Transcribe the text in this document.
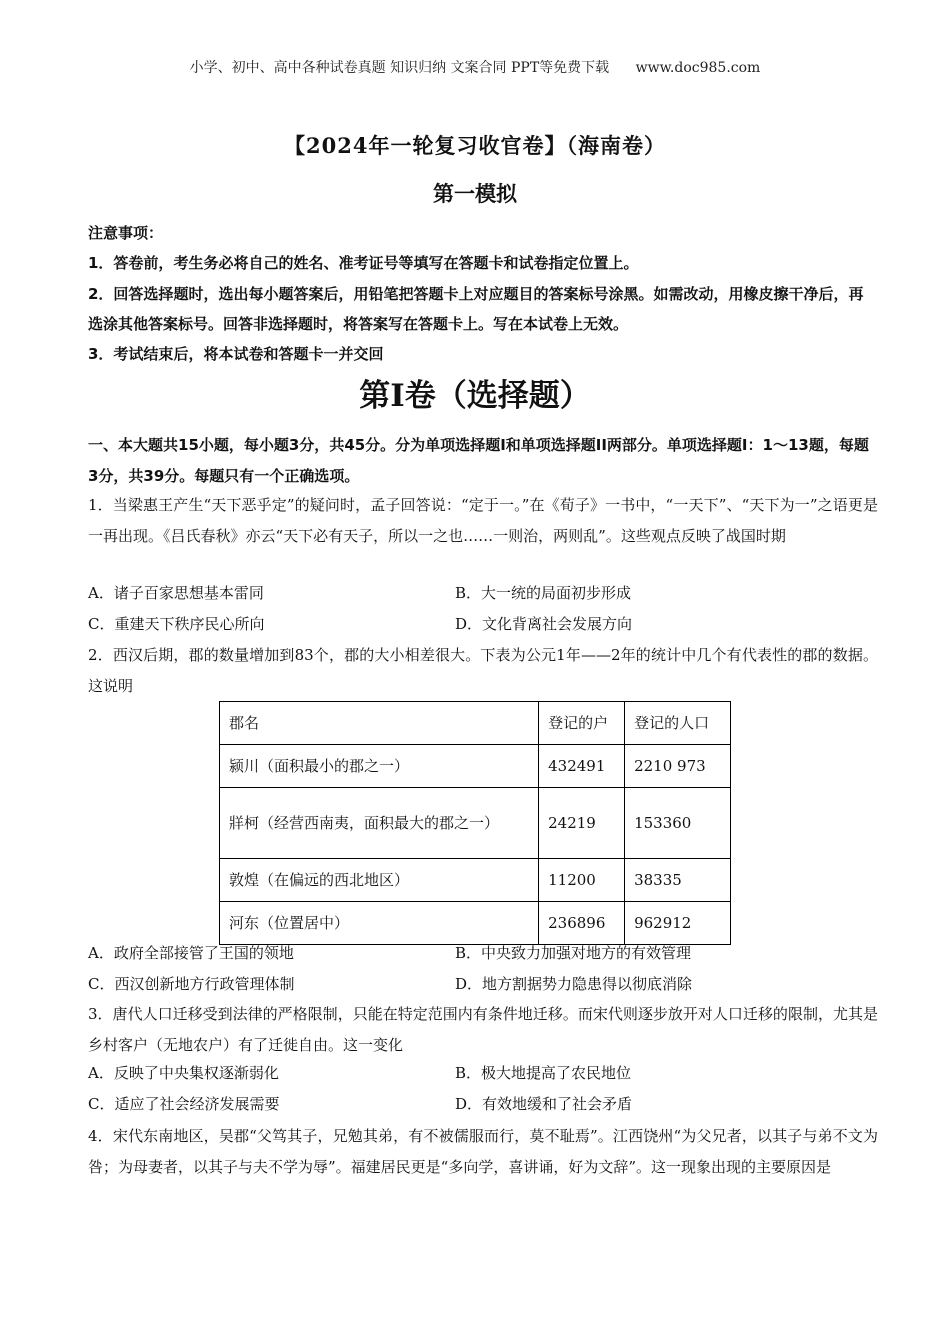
小学、初中、高中各种试卷真题 知识归纳 文案合同 PPT等免费下载 www.doc985.com
【2024年一轮复习收官卷】（海南卷）
第一模拟
注意事项：
1．答卷前，考生务必将自己的姓名、准考证号等填写在答题卡和试卷指定位置上。
2．回答选择题时，选出每小题答案后，用铅笔把答题卡上对应题目的答案标号涂黑。如需改动，用橡皮擦干净后，再选涂其他答案标号。回答非选择题时，将答案写在答题卡上。写在本试卷上无效。
3．考试结束后，将本试卷和答题卡一并交回
第I卷（选择题）
一、本大题共15小题，每小题3分，共45分。分为单项选择题I和单项选择题II两部分。单项选择题I：1～13题，每题3分，共39分。每题只有一个正确选项。
1．当梁惠王产生“天下恶乎定”的疑问时，孟子回答说：“定于一。”在《荀子》一书中，“一天下”、“天下为一”之语更是一再出现。《吕氏春秋》亦云“天下必有天子，所以一之也……一则治，两则乱”。这些观点反映了战国时期
A．诸子百家思想基本雷同	B．大一统的局面初步形成
C．重建天下秩序民心所向	D．文化背离社会发展方向
2．西汉后期，郡的数量增加到83个，郡的大小相差很大。下表为公元1年——2年的统计中几个有代表性的郡的数据。这说明
郡名	登记的户	登记的人口
颍川（面积最小的郡之一）	432491	2210 973
牂柯（经营西南夷，面积最大的郡之一）	24219	153360
敦煌（在偏远的西北地区）	11200	38335
河东（位置居中）	236896	962912
A．政府全部接管了王国的领地	B．中央致力加强对地方的有效管理
C．西汉创新地方行政管理体制	D．地方割据势力隐患得以彻底消除
3．唐代人口迁移受到法律的严格限制，只能在特定范围内有条件地迁移。而宋代则逐步放开对人口迁移的限制，尤其是乡村客户（无地农户）有了迁徙自由。这一变化
A．反映了中央集权逐渐弱化	B．极大地提高了农民地位
C．适应了社会经济发展需要	D．有效地缓和了社会矛盾
4．宋代东南地区，吴郡“父笃其子，兄勉其弟，有不被儒服而行，莫不耻焉”。江西饶州“为父兄者，以其子与弟不文为咎；为母妻者，以其子与夫不学为辱”。福建居民更是“多向学，喜讲诵，好为文辞”。这一现象出现的主要原因是
